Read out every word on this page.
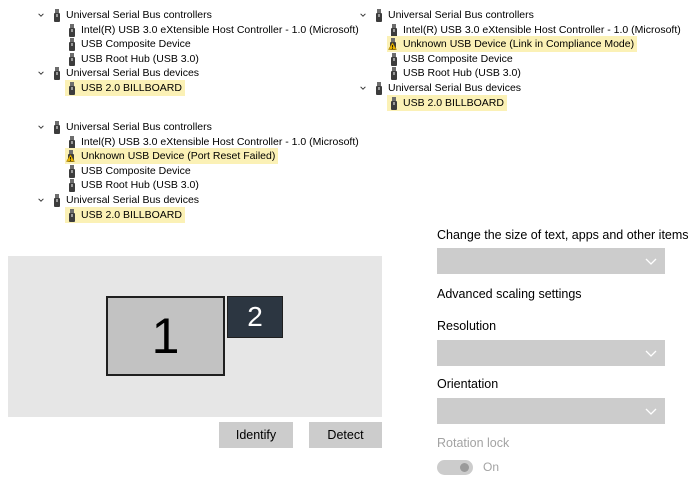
Universal Serial Bus controllers
Intel(R) USB 3.0 eXtensible Host Controller - 1.0 (Microsoft)
USB Composite Device
USB Root Hub (USB 3.0)
Universal Serial Bus devices
USB 2.0 BILLBOARD
Universal Serial Bus controllers
Intel(R) USB 3.0 eXtensible Host Controller - 1.0 (Microsoft)
Unknown USB Device (Link in Compliance Mode)
USB Composite Device
USB Root Hub (USB 3.0)
Universal Serial Bus devices
USB 2.0 BILLBOARD
Universal Serial Bus controllers
Intel(R) USB 3.0 eXtensible Host Controller - 1.0 (Microsoft)
Unknown USB Device (Port Reset Failed)
USB Composite Device
USB Root Hub (USB 3.0)
Universal Serial Bus devices
USB 2.0 BILLBOARD
1 2
Identify	Detect
Change the size of text, apps and other items
Advanced scaling settings
Resolution
Orientation
Rotation lock
On
